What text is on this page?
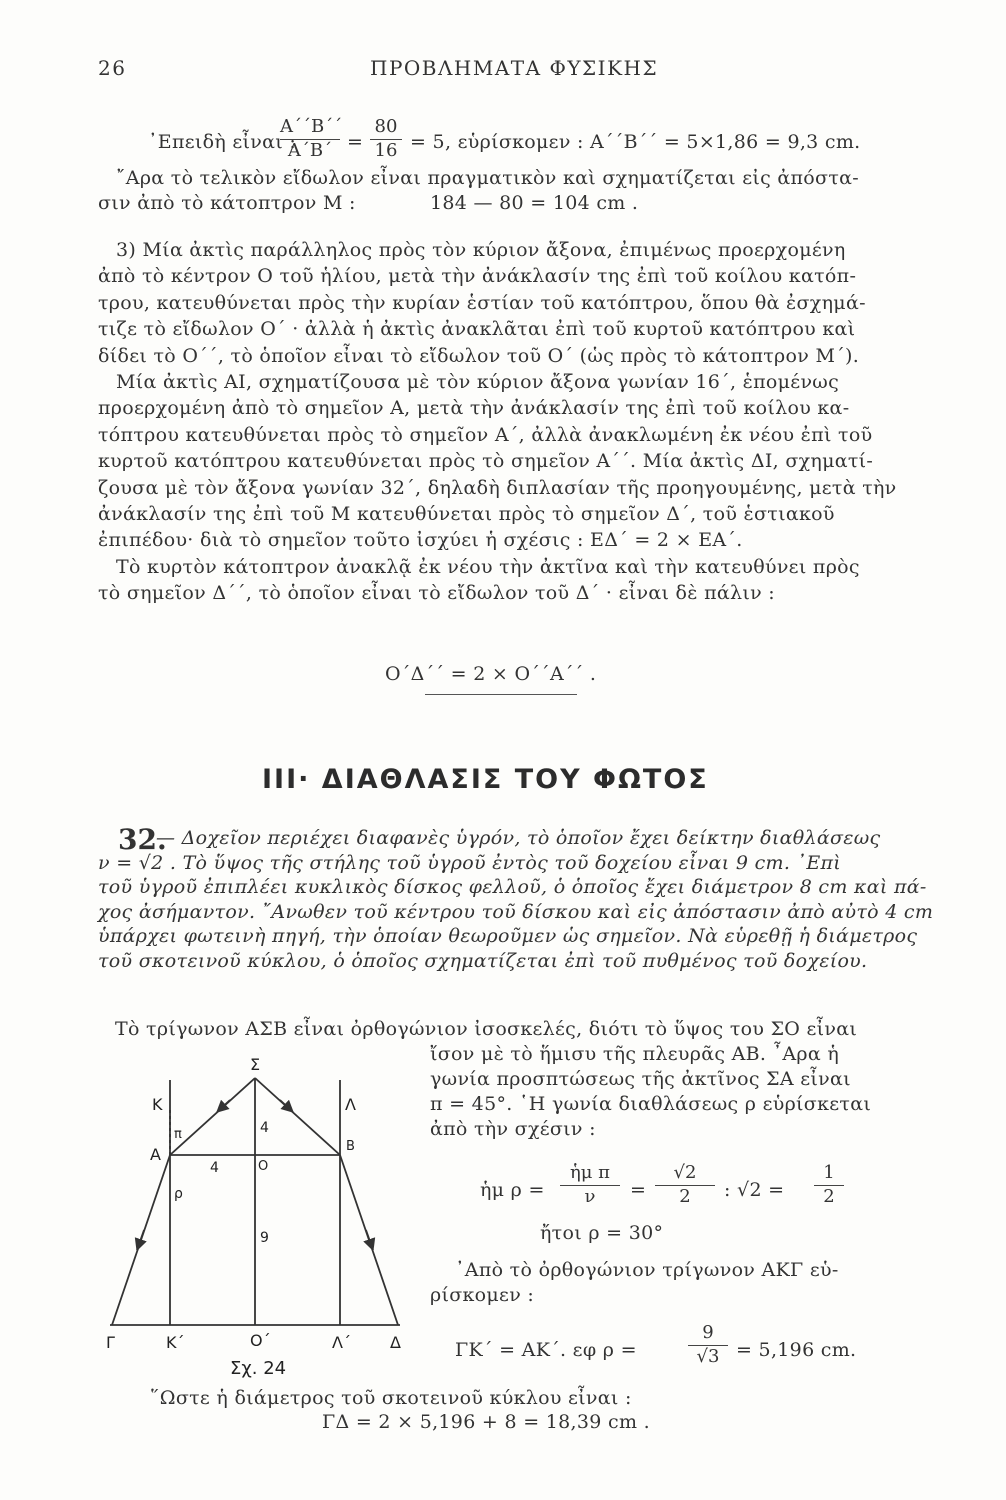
26	ΠΡΟΒΛΗΜΑΤΑ ΦΥΣΙΚΗΣ
᾿Επειδὴ εἶναι :
$\frac{A΄΄B΄΄}{A΄B΄} = \frac{80}{16} = 5$, εὑρίσκομεν : Α΄΄Β΄΄ = 5×1,86 = 9,3 cm.
῎Αρα τὸ τελικὸν εἴδωλον εἶναι πραγματικὸν καὶ σχηματίζεται εἰς ἀπόστα-
σιν ἀπὸ τὸ κάτοπτρον Μ :	184 — 80 = 104 cm .
3) Μία ἀκτὶς παράλληλος πρὸς τὸν κύριον ἄξονα, ἐπιμένως προερχομένη
ἀπὸ τὸ κέντρον Ο τοῦ ἡλίου, μετὰ τὴν ἀνάκλασίν της ἐπὶ τοῦ κοίλου κατόπ-
τρου, κατευθύνεται πρὸς τὴν κυρίαν ἑστίαν τοῦ κατόπτρου, ὅπου θὰ ἐσχημά-
τιζε τὸ εἴδωλον Ο΄ · ἀλλὰ ἡ ἀκτὶς ἀνακλᾶται ἐπὶ τοῦ κυρτοῦ κατόπτρου καὶ
δίδει τὸ Ο΄΄, τὸ ὁποῖον εἶναι τὸ εἴδωλον τοῦ Ο΄ (ὡς πρὸς τὸ κάτοπτρον Μ΄).
Μία ἀκτὶς ΑΙ, σχηματίζουσα μὲ τὸν κύριον ἄξονα γωνίαν 16΄, ἑπομένως
προερχομένη ἀπὸ τὸ σημεῖον Α, μετὰ τὴν ἀνάκλασίν της ἐπὶ τοῦ κοίλου κα-
τόπτρου κατευθύνεται πρὸς τὸ σημεῖον Α΄, ἀλλὰ ἀνακλωμένη ἐκ νέου ἐπὶ τοῦ
κυρτοῦ κατόπτρου κατευθύνεται πρὸς τὸ σημεῖον Α΄΄. Μία ἀκτὶς ΔΙ, σχηματί-
ζουσα μὲ τὸν ἄξονα γωνίαν 32΄, δηλαδὴ διπλασίαν τῆς προηγουμένης, μετὰ τὴν
ἀνάκλασίν της ἐπὶ τοῦ Μ κατευθύνεται πρὸς τὸ σημεῖον Δ΄, τοῦ ἑστιακοῦ
ἐπιπέδου· διὰ τὸ σημεῖον τοῦτο ἰσχύει ἡ σχέσις : ΕΔ΄ = 2 × ΕΑ΄.
Τὸ κυρτὸν κάτοπτρον ἀνακλᾷ ἐκ νέου τὴν ἀκτῖνα καὶ τὴν κατευθύνει πρὸς
τὸ σημεῖον Δ΄΄, τὸ ὁποῖον εἶναι τὸ εἴδωλον τοῦ Δ΄ · εἶναι δὲ πάλιν :
Ο΄Δ΄΄ = 2 × Ο΄΄Α΄΄ .
ΙΙΙ· ΔΙΑΘΛΑΣΙΣ ΤΟΥ ΦΩΤΟΣ
32.
— Δοχεῖον περιέχει διαφανὲς ὑγρόν, τὸ ὁποῖον ἔχει δείκτην διαθλάσεως
ν = √2 . Τὸ ὕψος τῆς στήλης τοῦ ὑγροῦ ἐντὸς τοῦ δοχείου εἶναι 9 cm. ᾿Επὶ
τοῦ ὑγροῦ ἐπιπλέει κυκλικὸς δίσκος φελλοῦ, ὁ ὁποῖος ἔχει διάμετρον 8 cm καὶ πά-
χος ἀσήμαντον. ῎Ανωθεν τοῦ κέντρου τοῦ δίσκου καὶ εἰς ἀπόστασιν ἀπὸ αὐτὸ 4 cm
ὑπάρχει φωτεινὴ πηγή, τὴν ὁποίαν θεωροῦμεν ὡς σημεῖον. Νὰ εὑρεθῇ ἡ διάμετρος
τοῦ σκοτεινοῦ κύκλου, ὁ ὁποῖος σχηματίζεται ἐπὶ τοῦ πυθμένος τοῦ δοχείου.
Τὸ τρίγωνον ΑΣΒ εἶναι ὀρθογώνιον ἰσοσκελές, διότι τὸ ὕψος του ΣΟ εἶναι
ἴσον μὲ τὸ ἥμισυ τῆς πλευρᾶς ΑΒ. ῏Αρα ἡ
γωνία προσπτώσεως τῆς ἀκτῖνος ΣΑ εἶναι
π = 45°. ῾Η γωνία διαθλάσεως ρ εὑρίσκεται
ἀπὸ τὴν σχέσιν :
ἡμ $\rho = \frac{\text{ἡμ π}}{\nu} = \frac{√2}{2}$ : $√2 = \frac{1}{2}$
ἤτοι ρ = 30°
᾿Απὸ τὸ ὀρθογώνιον τρίγωνον ΑΚΓ εὑ-
ρίσκομεν :
ΓΚ΄ = ΑΚ΄. εφ ρ =	$\frac{9}{√3} = 5,196$ cm.
῞Ωστε ἡ διάμετρος τοῦ σκοτεινοῦ κύκλου εἶναι :
ΓΔ = 2 × 5,196 + 8 = 18,39 cm .
Σ
Κ	Λ
Α	Β
Ο
π
ρ
4
4
9
Γ	Κ΄	Ο΄	Λ΄ Δ
Σχ. 24
